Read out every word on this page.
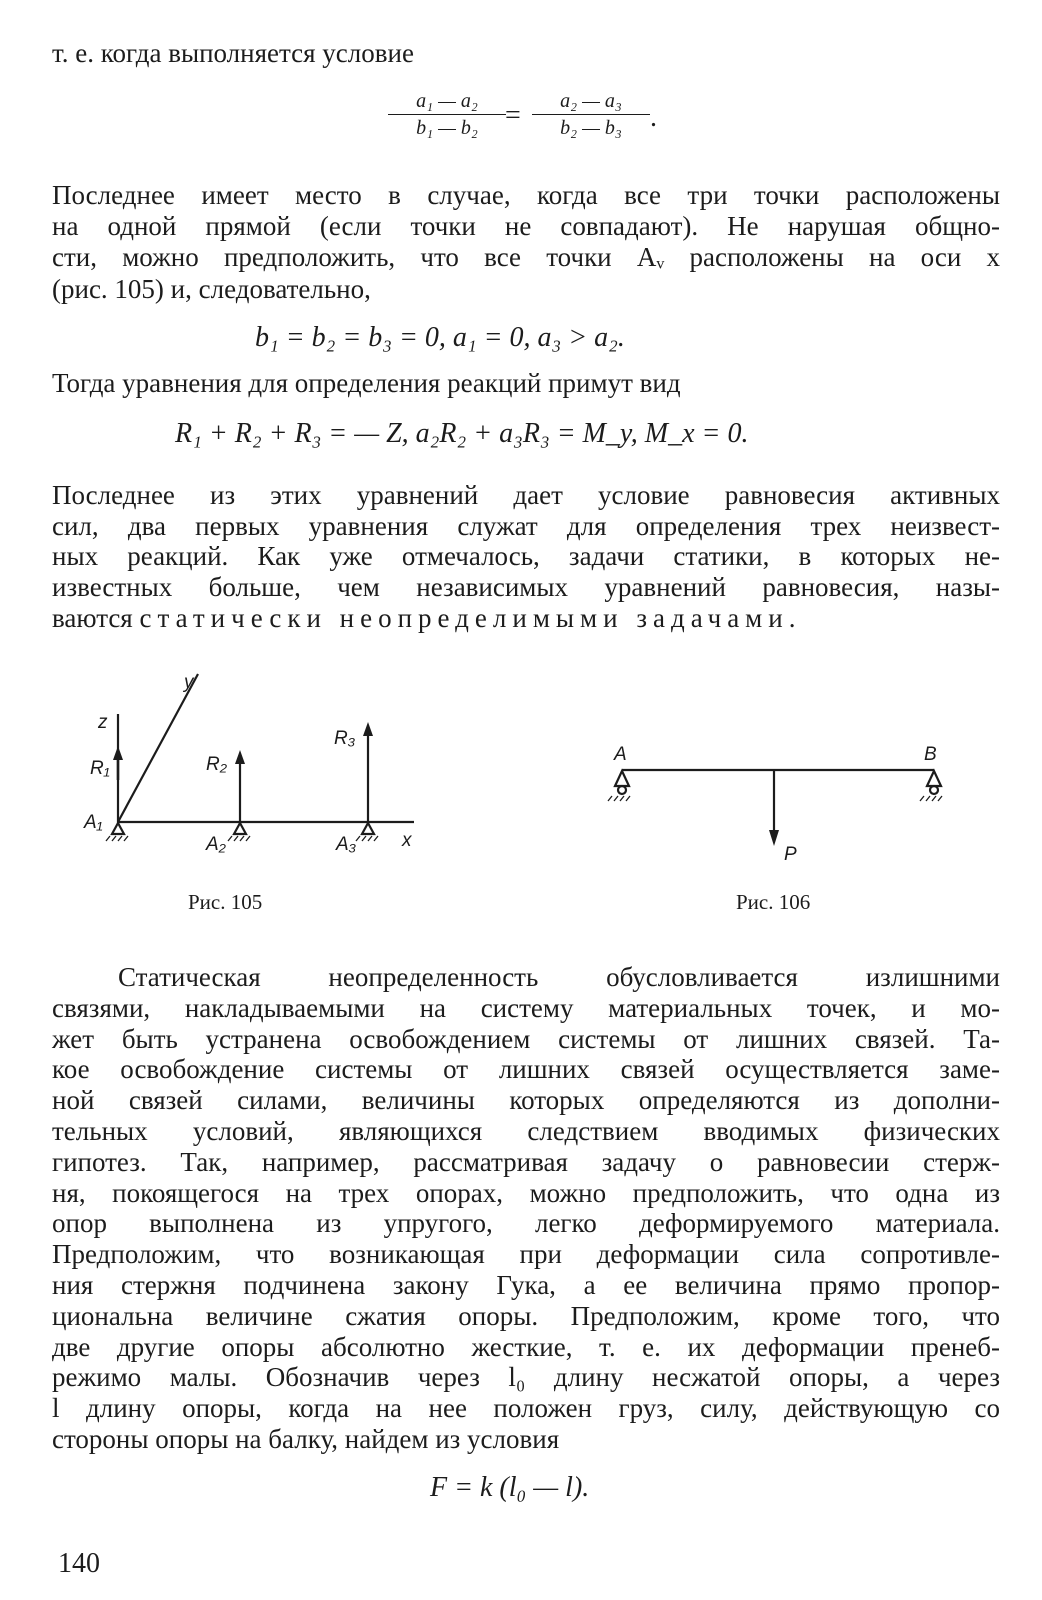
т. е. когда выполняется условие
a₁ — a₂
b₁ — b₂ =	a₂ — a₃
b₂ — b₃	.
Последнее имеет место в случае, когда все три точки расположены
на одной прямой (если точки не совпадают). Не нарушая общно-
сти, можно предположить, что все точки Aᵥ расположены на оси x
(рис. 105) и, следовательно,
b₁ = b₂ = b₃ = 0, a₁ = 0, a₃ > a₂.
Тогда уравнения для определения реакций примут вид
R₁ + R₂ + R₃ = — Z, a₂R₂ + a₃R₃ = M_y, M_x = 0.
Последнее из этих уравнений дает условие равновесия активных
сил, два первых уравнения служат для определения трех неизвест-
ных реакций. Как уже отмечалось, задачи статики, в которых не-
известных больше, чем независимых уравнений равновесия, назы-
ваются статически неопределимыми задачами.
z
y
x
R₁	R₂
R₃
A₁
A₂	A₃
Рис. 105
A	B
P
Рис. 106
Статическая неопределенность обусловливается излишними
связями, накладываемыми на систему материальных точек, и мо-
жет быть устранена освобождением системы от лишних связей. Та-
кое освобождение системы от лишних связей осуществляется заме-
ной связей силами, величины которых определяются из дополни-
тельных условий, являющихся следствием вводимых физических
гипотез. Так, например, рассматривая задачу о равновесии стерж-
ня, покоящегося на трех опорах, можно предположить, что одна из
опор выполнена из упругого, легко деформируемого материала.
Предположим, что возникающая при деформации сила сопротивле-
ния стержня подчинена закону Гука, а ее величина прямо пропор-
циональна величине сжатия опоры. Предположим, кроме того, что
две другие опоры абсолютно жесткие, т. е. их деформации пренеб-
режимо малы. Обозначив через l₀ длину несжатой опоры, а через
l длину опоры, когда на нее положен груз, силу, действующую со
стороны опоры на балку, найдем из условия
F = k (l₀ — l).
140
